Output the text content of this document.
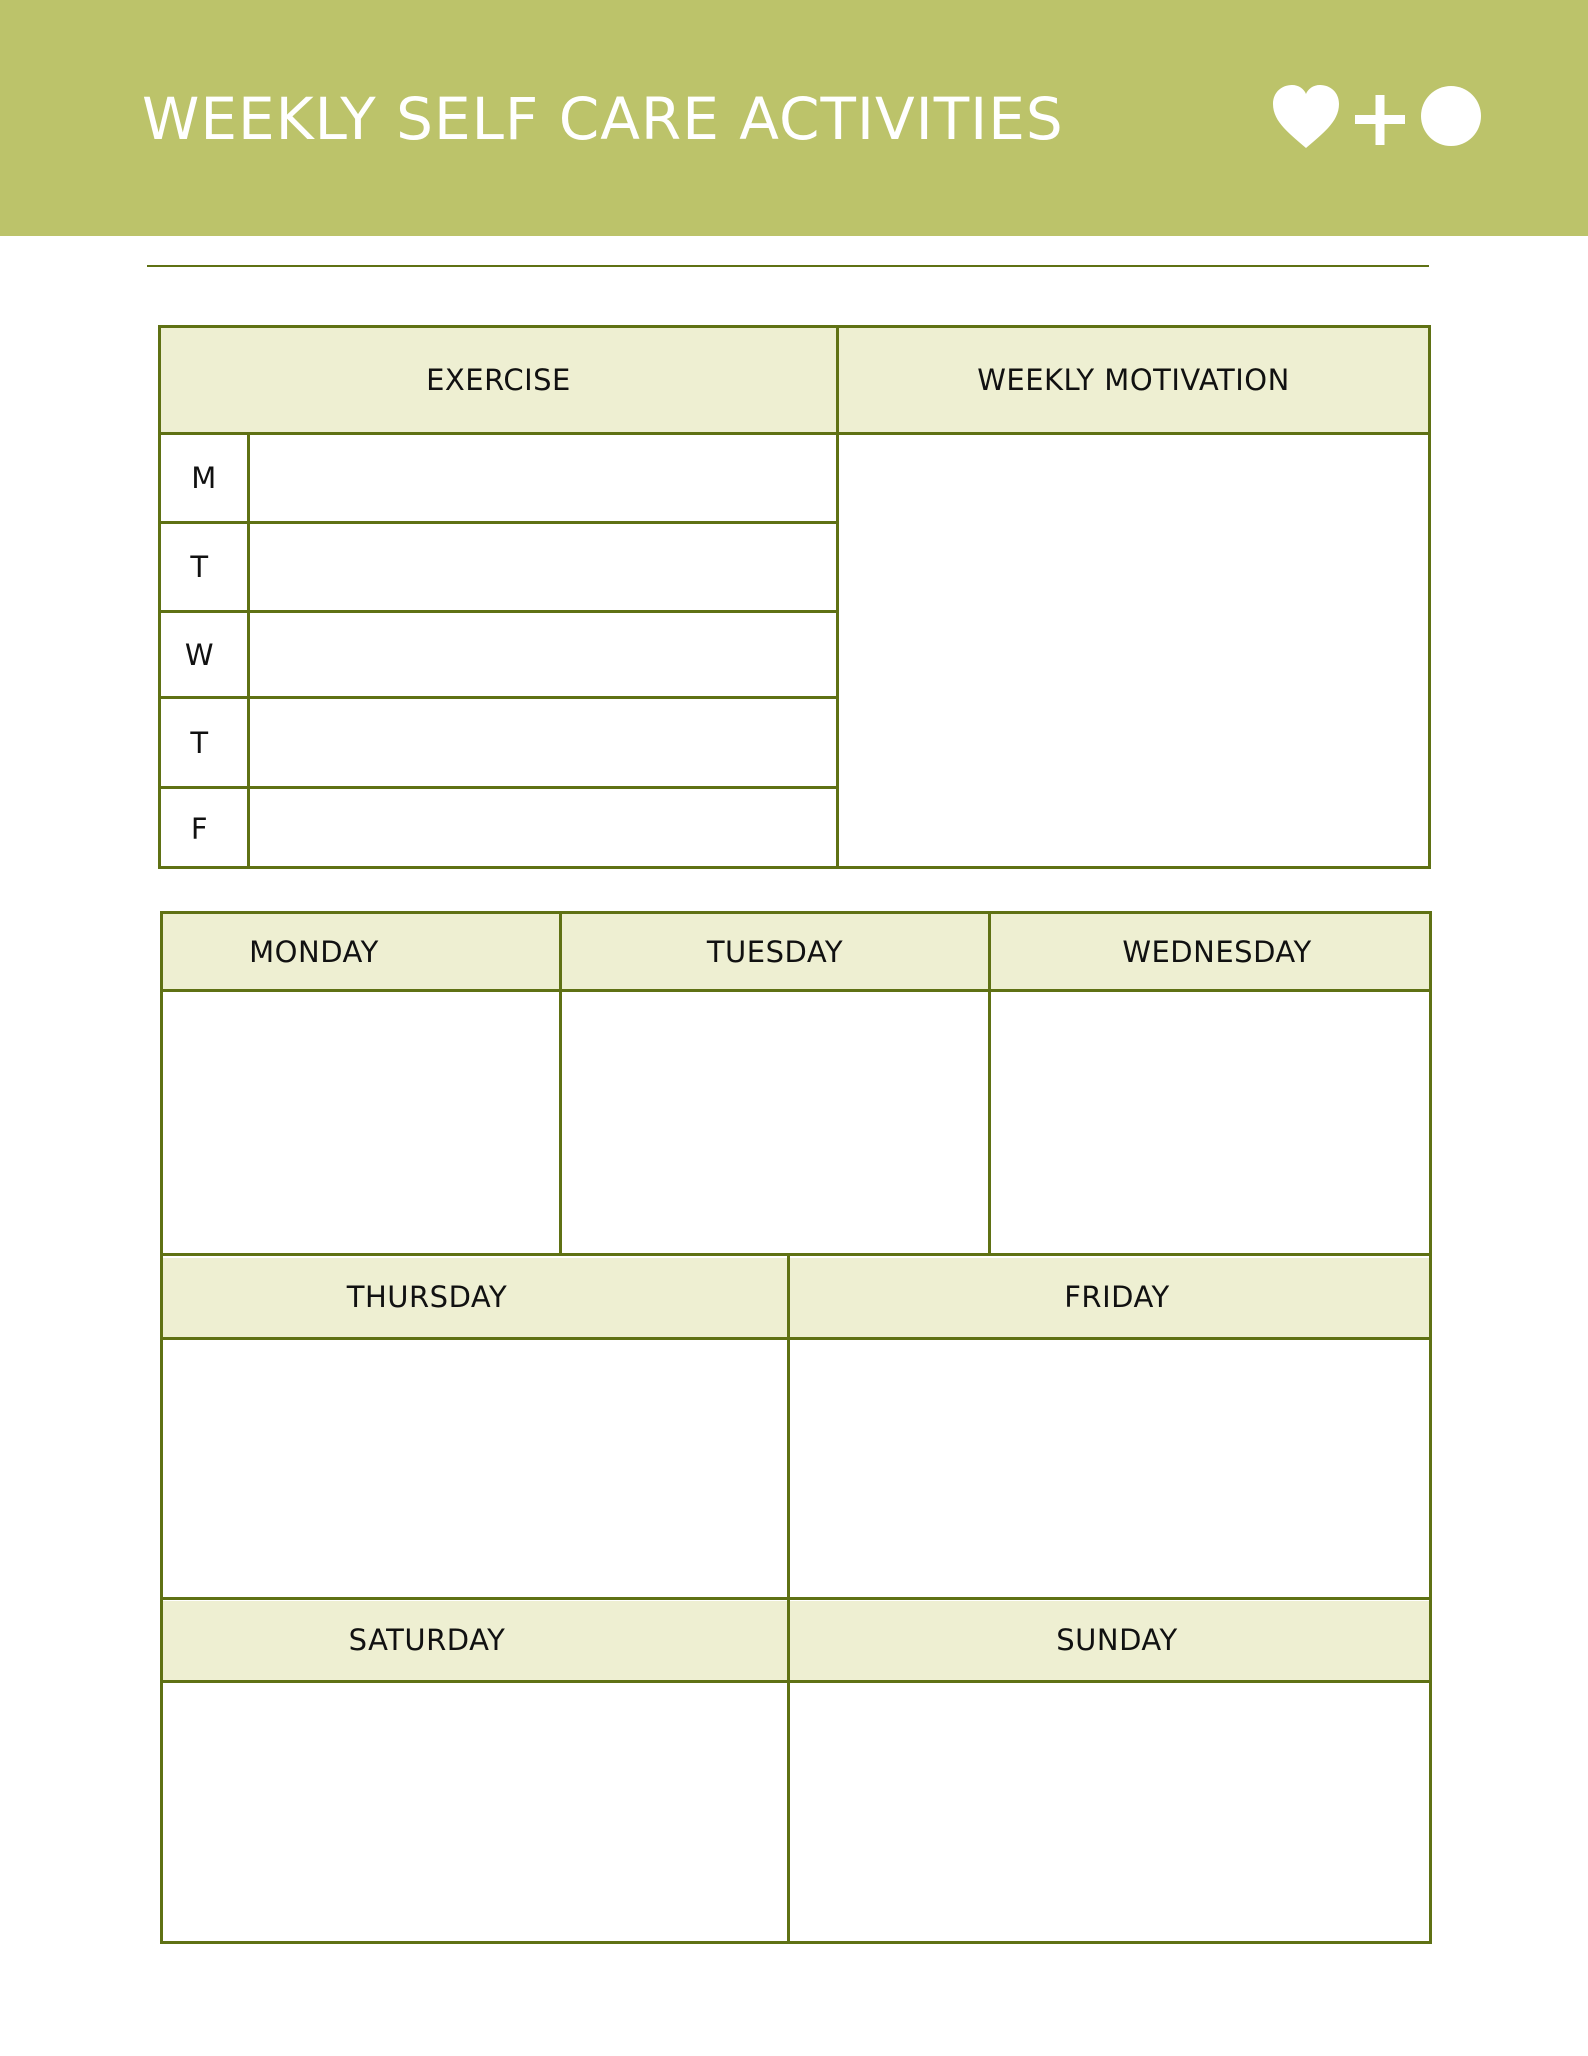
WEEKLY SELF CARE ACTIVITIES
EXERCISE	WEEKLY MOTIVATION
M
T
W
T
F
MONDAY	TUESDAY	WEDNESDAY
THURSDAY	FRIDAY
SATURDAY	SUNDAY
